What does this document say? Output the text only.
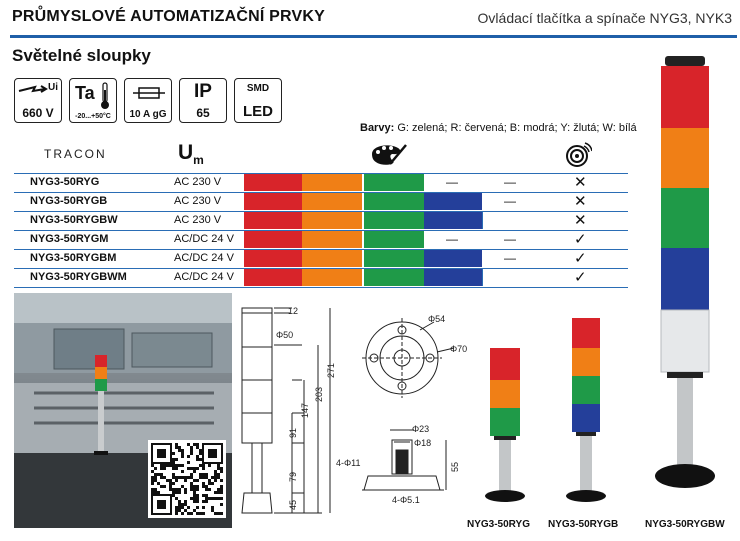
PRŮMYSLOVÉ AUTOMATIZAČNÍ PRVKY	Ovládací tlačítka a spínače NYG3, NYK3
Světelné sloupky
Ui
660 V
Ta
-20...+50°C	10 A gG
IP
65
SMD
LED
Barvy: G: zelená; R: červená; B: modrá; Y: žlutá; W: bílá
TRACON	$U_m$
NYG3-50RYG	AC 230 V	—	—	✕
NYG3-50RYGB	AC 230 V	—	✕
NYG3-50RYGBW	AC 230 V	✕
NYG3-50RYGM	AC/DC 24 V	—	—	✓
NYG3-50RYGBM	AC/DC 24 V	—	✓
NYG3-50RYGBWM	AC/DC 24 V	✓
12
Φ50
271
203
147
91
79
45
Φ54
Φ70
Φ23
Φ18
55
4-Φ11
4-Φ5.1
NYG3-50RYG NYG3-50RYGB	NYG3-50RYGBW
